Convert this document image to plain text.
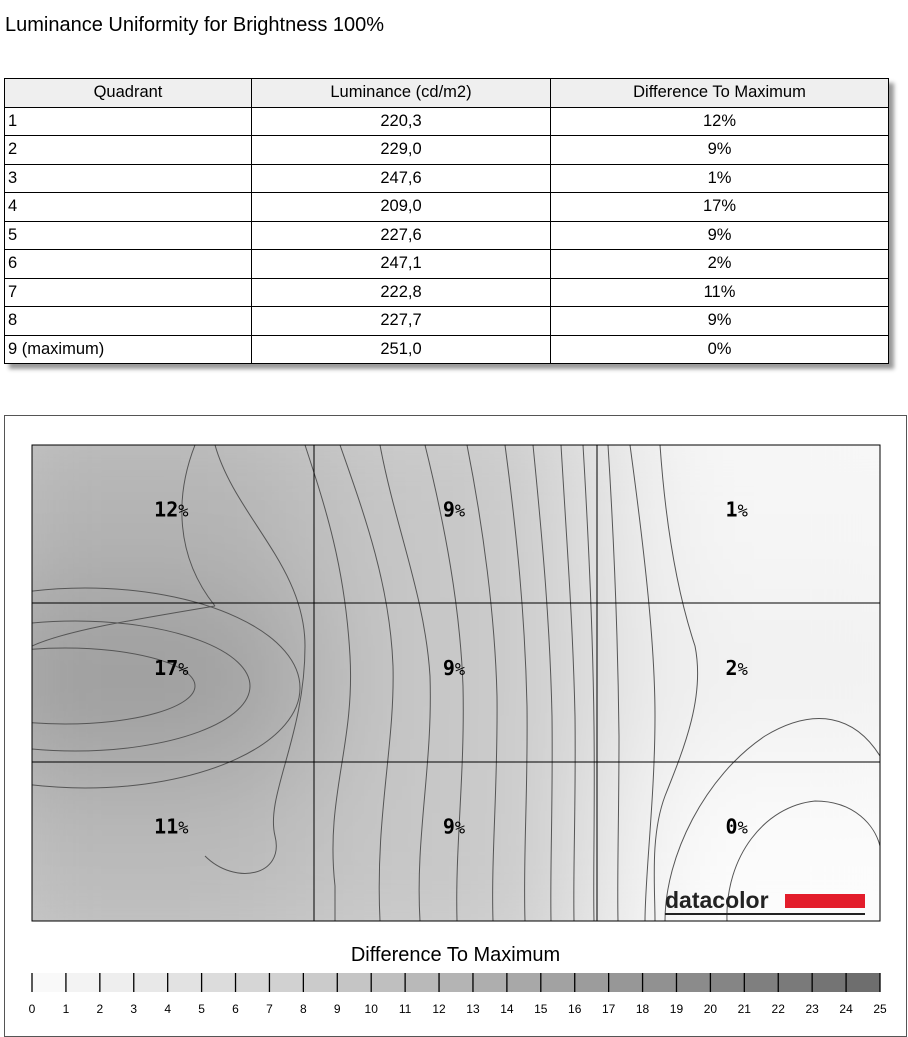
Luminance Uniformity for Brightness 100%
Quadrant	Luminance (cd/m2)	Difference To Maximum
1	220,3	12%
2	229,0	9%
3	247,6	1%
4	209,0	17%
5	227,6	9%
6	247,1	2%
7	222,8	11%
8	227,7	9%
9 (maximum)	251,0	0%
12%	9%	1%
17%	9%	2%
11%	9%	0%
0 1 2 3 4 5 6 7 8 9 10 11 12 13 14 15 16 17 18 19 20 21 22 23 24 25
Difference To Maximum
datacolor
